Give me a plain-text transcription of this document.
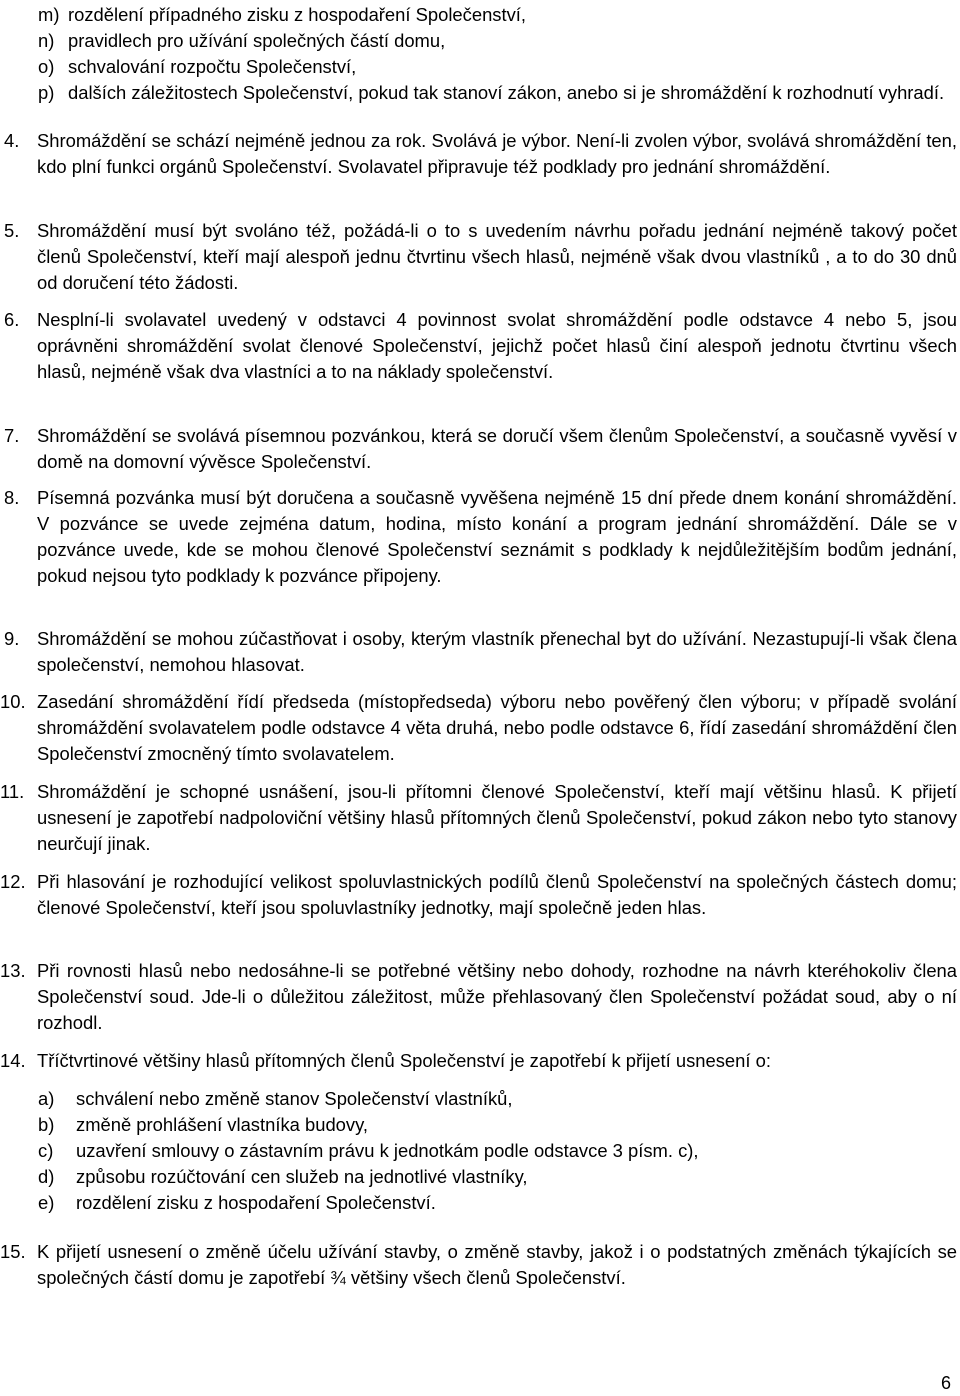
m) rozdělení případného zisku z hospodaření Společenství,
n) pravidlech pro užívání společných částí domu,
o) schvalování rozpočtu Společenství,
p) dalších záležitostech Společenství, pokud tak stanoví zákon, anebo si je shromáždění k rozhodnutí vyhradí.
4. Shromáždění se schází nejméně jednou za rok. Svolává je výbor. Není-li zvolen výbor, svolává shromáždění ten, kdo plní funkci orgánů Společenství. Svolavatel připravuje též podklady pro jednání shromáždění.
5. Shromáždění musí být svoláno též, požádá-li o to s uvedením návrhu pořadu jednání nejméně takový počet členů Společenství, kteří mají alespoň jednu čtvrtinu všech hlasů, nejméně však dvou vlastníků , a to do 30 dnů od doručení této žádosti.
6. Nesplní-li svolavatel uvedený v odstavci 4 povinnost svolat shromáždění podle odstavce 4 nebo 5, jsou oprávněni shromáždění svolat členové Společenství, jejichž počet hlasů činí alespoň jednotu čtvrtinu všech hlasů, nejméně však dva vlastníci a to na náklady společenství.
7. Shromáždění se svolává písemnou pozvánkou, která se doručí všem členům Společenství, a současně vyvěsí v domě na domovní vývěsce Společenství.
8. Písemná pozvánka musí být doručena a současně vyvěšena nejméně 15 dní přede dnem konání shromáždění. V pozvánce se uvede zejména datum, hodina, místo konání a program jednání shromáždění. Dále se v pozvánce uvede, kde se mohou členové Společenství seznámit s podklady k nejdůležitějším bodům jednání, pokud nejsou tyto podklady k pozvánce připojeny.
9. Shromáždění se mohou zúčastňovat i osoby, kterým vlastník přenechal byt do užívání. Nezastupují-li však člena společenství, nemohou hlasovat.
10. Zasedání shromáždění řídí předseda (místopředseda) výboru nebo pověřený člen výboru; v případě svolání shromáždění svolavatelem podle odstavce 4 věta druhá, nebo podle odstavce 6, řídí zasedání shromáždění člen Společenství zmocněný tímto svolavatelem.
11. Shromáždění je schopné usnášení, jsou-li přítomni členové Společenství, kteří mají většinu hlasů. K přijetí usnesení je zapotřebí nadpoloviční většiny hlasů přítomných členů Společenství, pokud zákon nebo tyto stanovy neurčují jinak.
12. Při hlasování je rozhodující velikost spoluvlastnických podílů členů Společenství na společných částech domu; členové Společenství, kteří jsou spoluvlastníky jednotky, mají společně jeden hlas.
13. Při rovnosti hlasů nebo nedosáhne-li se potřebné většiny nebo dohody, rozhodne na návrh kteréhokoliv člena Společenství soud. Jde-li o důležitou záležitost, může přehlasovaný člen Společenství požádat soud, aby o ní rozhodl.
14. Tříčtvrtinové většiny hlasů přítomných členů Společenství je zapotřebí k přijetí usnesení o:
15. K přijetí usnesení o změně účelu užívání stavby, o změně stavby, jakož i o podstatných změnách týkajících se společných částí domu je zapotřebí ¾ většiny všech členů Společenství.
a)	schválení nebo změně stanov Společenství vlastníků,
b)	změně prohlášení vlastníka budovy,
c)	uzavření smlouvy o zástavním právu k jednotkám podle odstavce 3 písm. c),
d)	způsobu rozúčtování cen služeb na jednotlivé vlastníky,
e)	rozdělení zisku z hospodaření Společenství.
6
